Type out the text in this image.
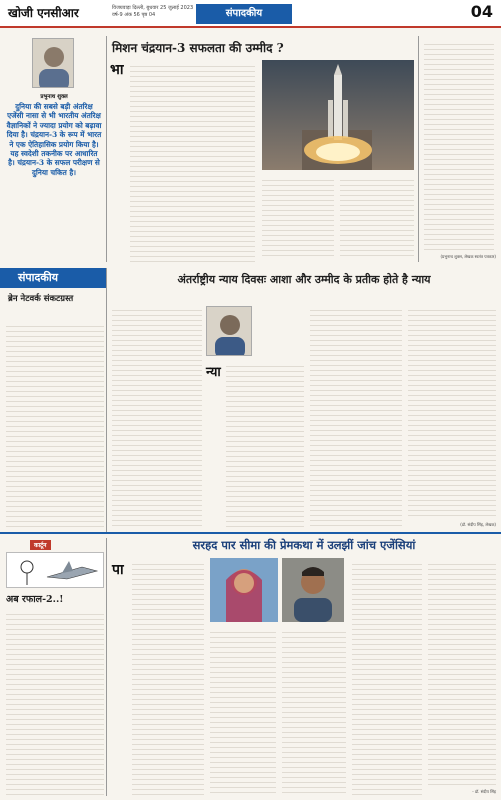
खोजी एनसीआर	विजयवाड़ा दिल्ली, बुधवार 25 जुलाई 2023
वर्ष-9 अंक 56 पृष्ठ 04	संपादकीय	04
प्रभुनाथ शुक्ल
दुनिया की सबसे बड़ी अंतरिक्ष एजेंसी नासा से भी भारतीय अंतरिक्ष वैज्ञानिकों ने ज्यादा प्रयोग को बढ़ावा दिया है। चंद्रयान-3 के रूप में भारत ने एक ऐतिहासिक प्रयोग किया है। यह स्वदेशी तकनीक पर आधारित है। चंद्रयान-3 के सफल परीक्षण से दुनिया चकित है।
मिशन चंद्रयान-3 सफलता की उम्मीद ?
भा
(प्रभुनाथ शुक्ल, लेखक स्वतंत्र पत्रकार)
संपादकीय
ब्रेन नेटवर्क संकटग्रस्त
अंतर्राष्ट्रीय न्याय दिवसः आशा और उम्मीद के प्रतीक होते है न्याय
न्या
(डॉ. संदीप सिंह, लेखक)
सरहद पार सीमा की प्रेमकथा में उलझीं जांच एजेंसियां
कार्टून
अब रफाल-2..!
पा
- डॉ. संदीप सिंह
